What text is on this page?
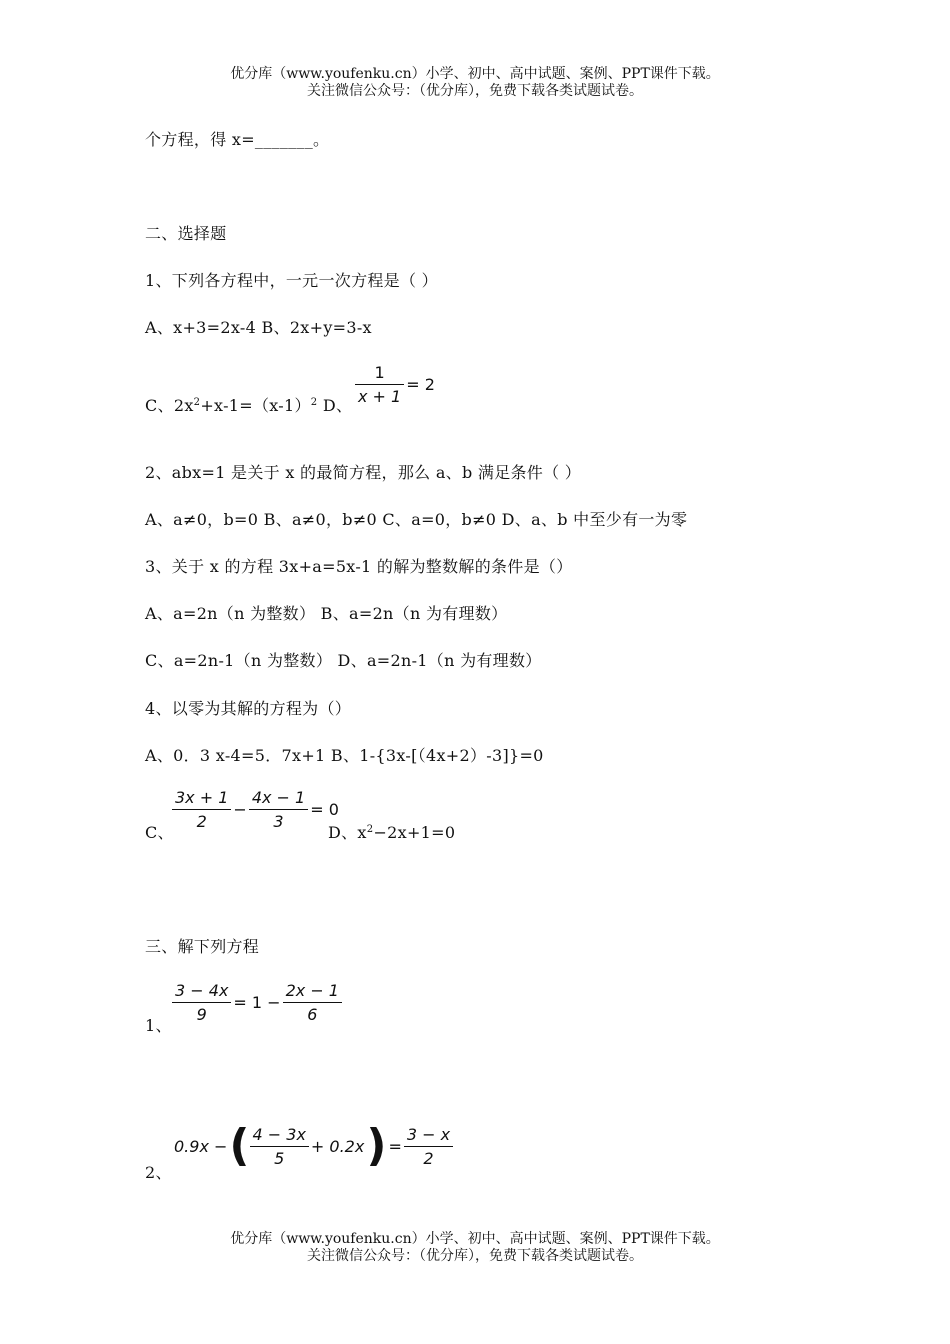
优分库（www.youfenku.cn）小学、初中、高中试题、案例、PPT课件下载。
关注微信公众号：（优分库），免费下载各类试题试卷。
个方程，得 x=_______。
二、选择题
1、下列各方程中，一元一次方程是（ ）
A、x+3=2x-4 B、2x+y=3-x
C、$2x^2+x-1=(x-1)^2$ D、 $\frac{1}{x + 1} = 2$
2、abx=1 是关于 x 的最简方程，那么 a、b 满足条件（ ）
A、a≠0，b=0 B、a≠0，b≠0 C、a=0，b≠0 D、a、b 中至少有一为零
3、关于 x 的方程 3x+a=5x-1 的解为整数解的条件是（）
A、a=2n（n 为整数） B、a=2n（n 为有理数）
C、a=2n-1（n 为整数） D、a=2n-1（n 为有理数）
4、以零为其解的方程为（）
A、0．3 x-4=5．7x+1 B、1-{3x-[（4x+2）-3]}=0
C、
$\frac{3x + 1}{2} - \frac{4x - 1}{3} = 0$
D、$x^2-2x+1=0$
三、解下列方程
1、
$\frac{3 - 4x}{9} = 1 - \frac{2x - 1}{6}$
2、
0.9x −( $\frac{4 - 3x}{5} + 0.2x) = \frac{3 - x}{2}$
优分库（www.youfenku.cn）小学、初中、高中试题、案例、PPT课件下载。
关注微信公众号：（优分库），免费下载各类试题试卷。
